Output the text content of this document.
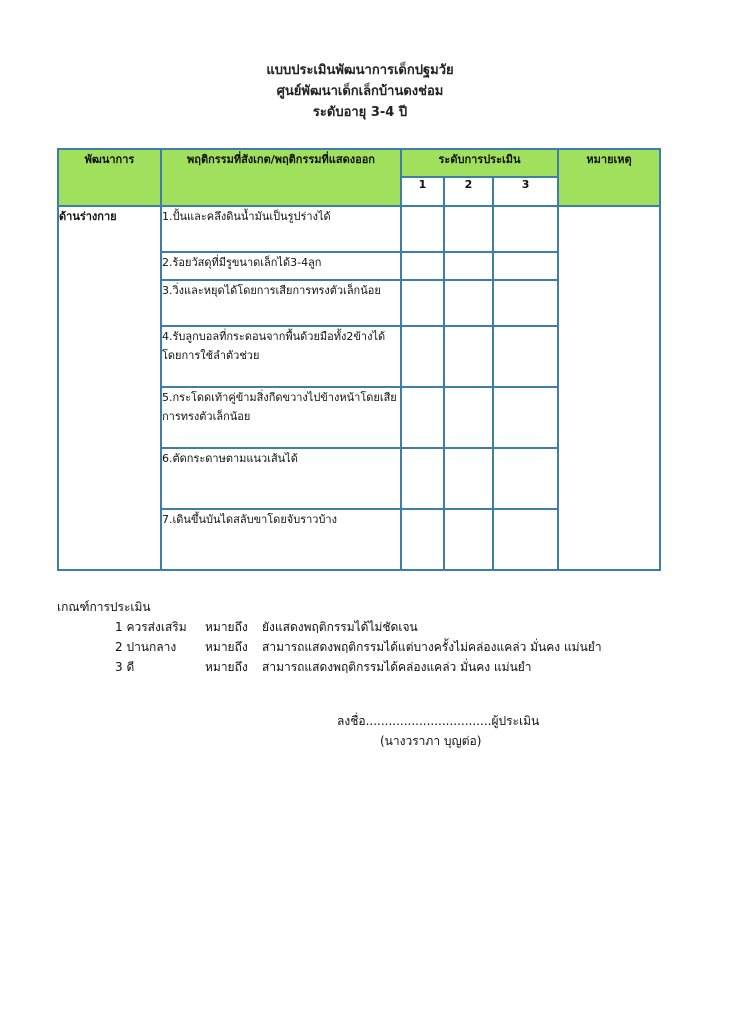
แบบประเมินพัฒนาการเด็กปฐมวัย
ศูนย์พัฒนาเด็กเล็กบ้านดงช่อม
ระดับอายุ 3-4 ปี
พัฒนาการ	พฤติกรรมที่สังเกต/พฤติกรรมที่แสดงออก	ระดับการประเมิน			หมายเหตุ
		1	2	3	
ด้านร่างกาย	1.ปั้นและคลึงดินน้ำมันเป็นรูปร่างได้				
	2.ร้อยวัสดุที่มีรูขนาดเล็กได้3-4ลูก				
	3.วิ่งและหยุดได้โดยการเสียการทรงตัวเล็กน้อย				
	4.รับลูกบอลที่กระดอนจากพื้นด้วยมือทั้ง2ข้างได้โดยการใช้ลำตัวช่วย				
	5.กระโดดเท้าคู่ข้ามสิ่งกีดขวางไปข้างหน้าโดยเสียการทรงตัวเล็กน้อย				
	6.ตัดกระดาษตามแนวเส้นได้				
	7.เดินขึ้นบันไดสลับขาโดยจับราวบ้าง				
เกณฑ์การประเมิน
1 ควรส่งเสริม หมายถึง ยังแสดงพฤติกรรมได้ไม่ชัดเจน
2 ปานกลาง หมายถึง สามารถแสดงพฤติกรรมได้แต่บางครั้งไม่คล่องแคล่ว มั่นคง แม่นยำ
3 ดี	หมายถึง สามารถแสดงพฤติกรรมได้คล่องแคล่ว มั่นคง แม่นยำ
ลงชื่อ.................................ผู้ประเมิน
(นางวราภา บุญต่อ)
